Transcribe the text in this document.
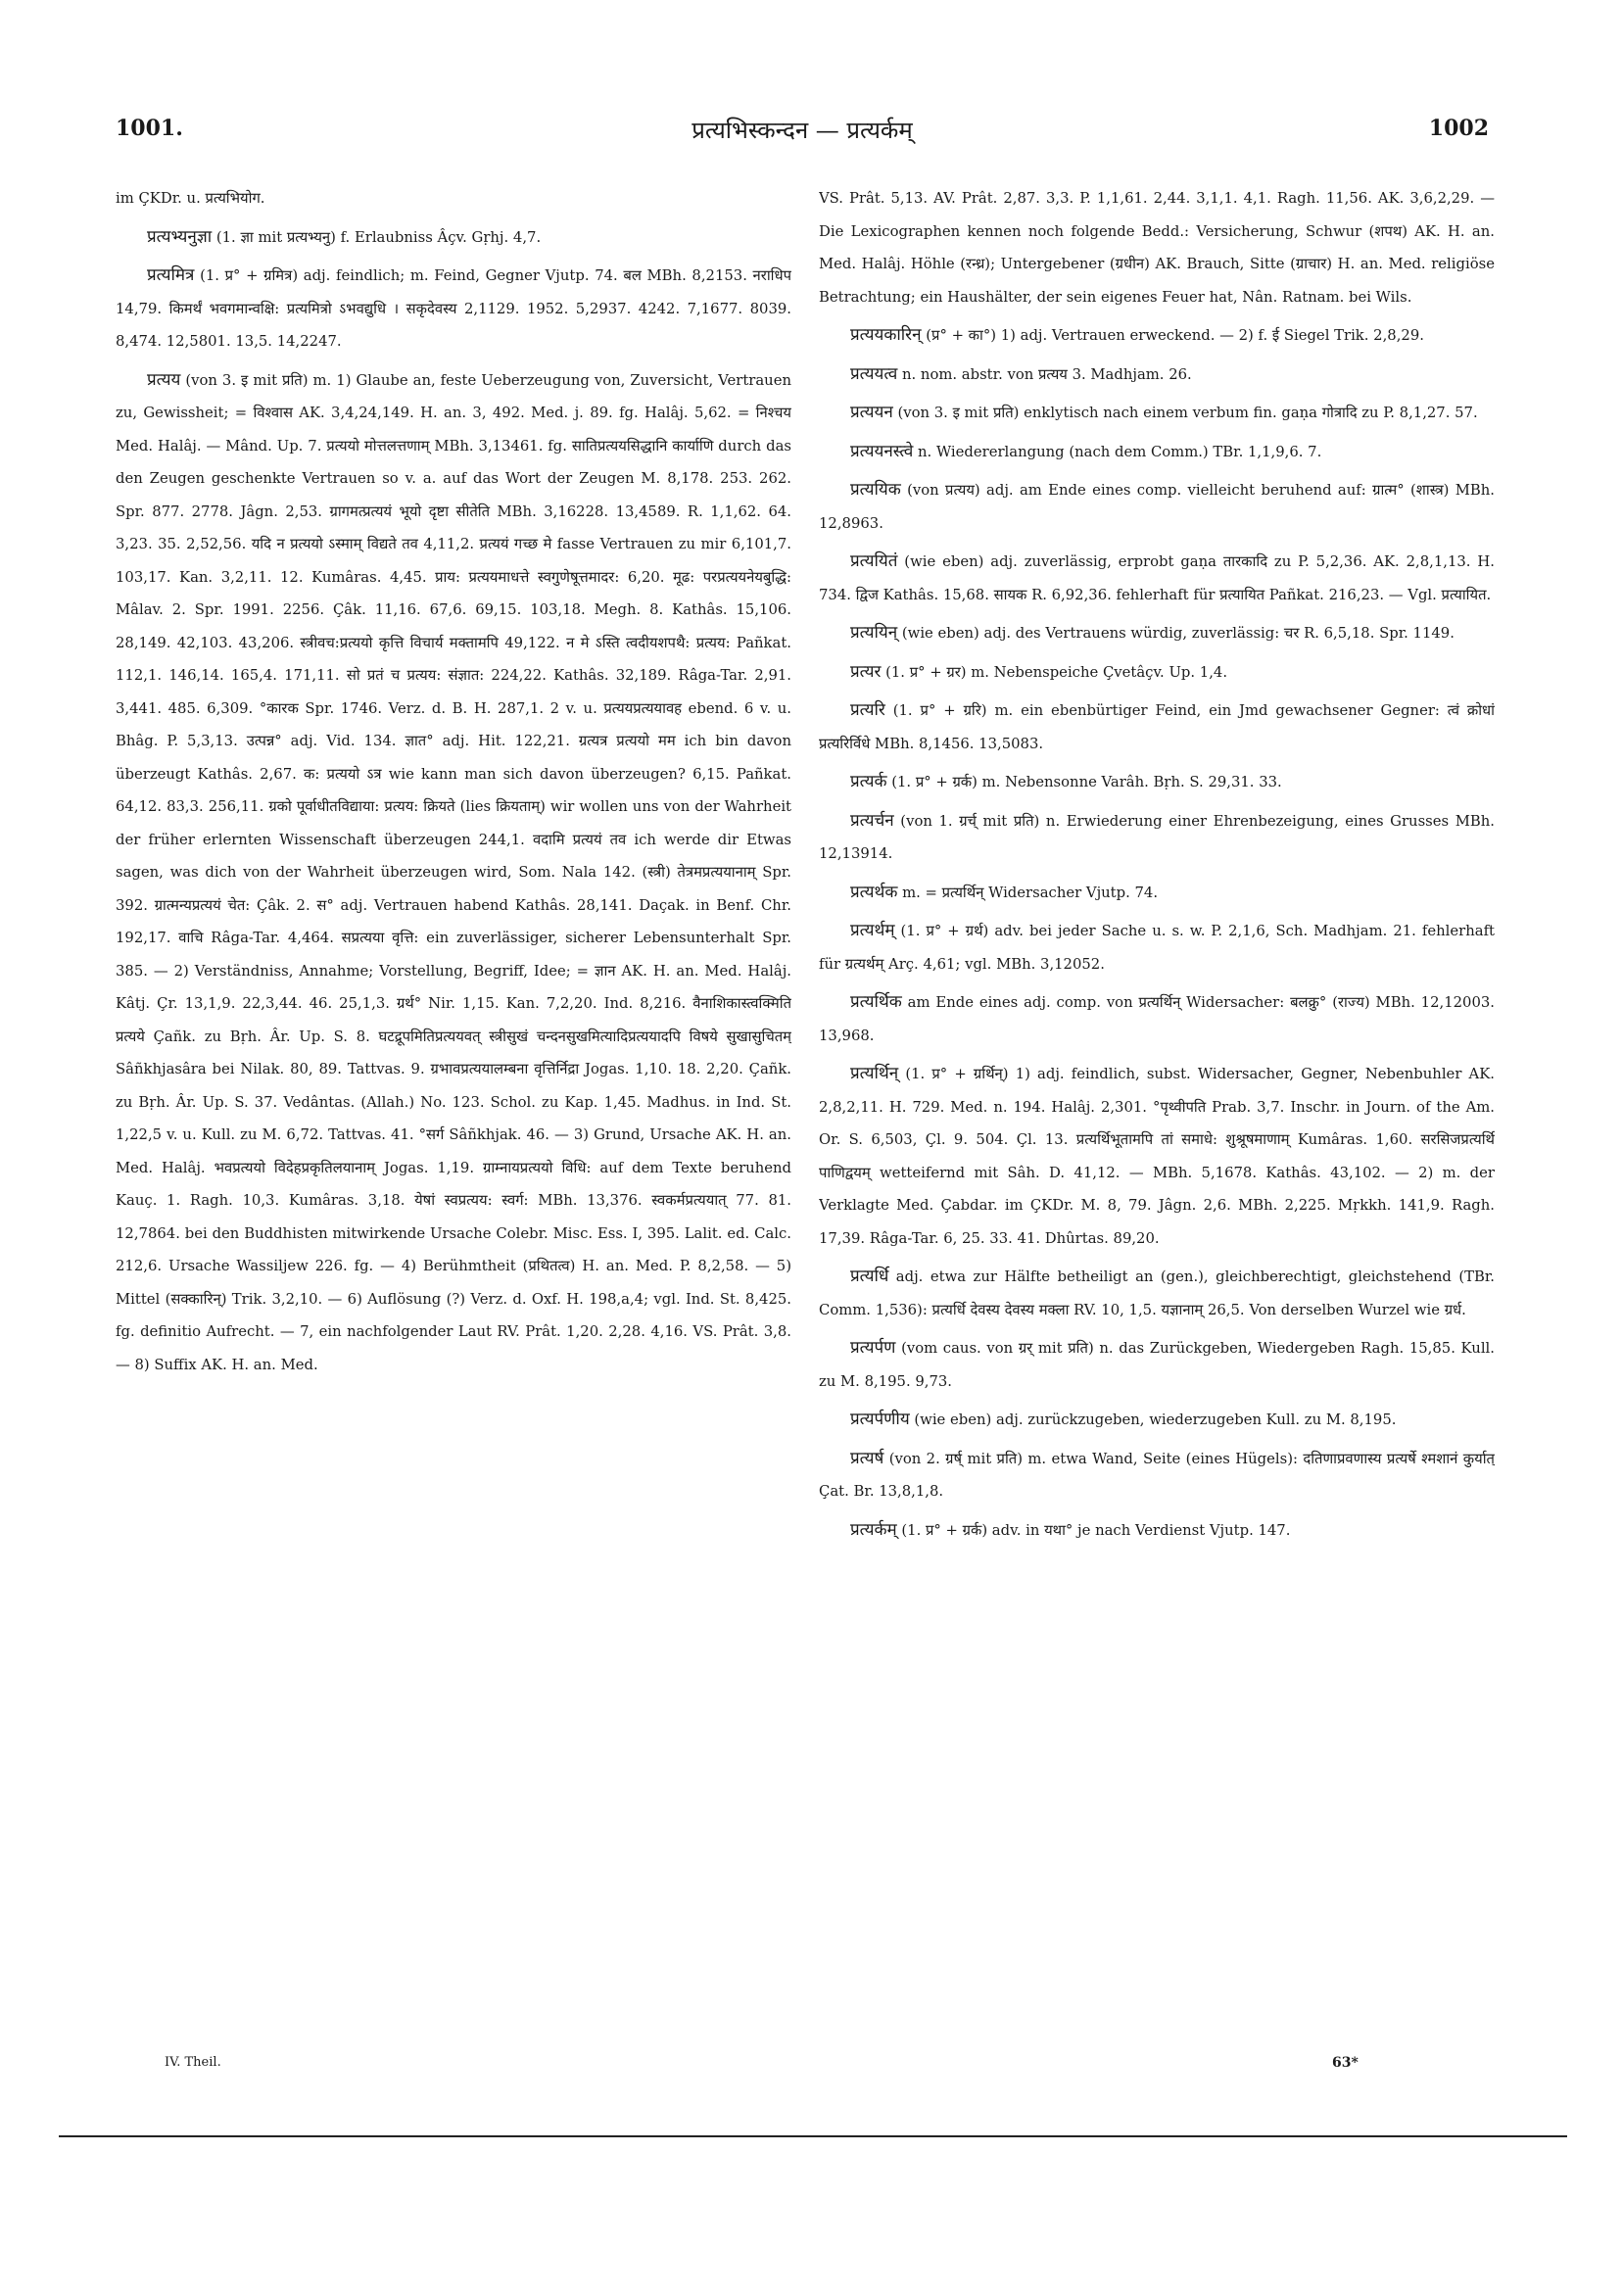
1001.	प्रत्यभिस्कन्दन — प्रत्यर्कम्	1002

im ÇKDr. u. प्रत्यभियोग.

प्रत्यभ्यनुज्ञा (1. ज्ञा mit प्रत्यभ्यनु) f. Erlaubniss Âçv. Gṛhj. 4,7.

प्रत्यमित्र (1. प्र° + ग्रमित्र) adj. feindlich; m. Feind, Gegner Vjutp. 74. बल MBh. 8,2153. नराधिप 14,79. किमर्थं भवगमान्वक्षि: प्रत्यमित्रो ऽभवद्युधि । सकृदेवस्य 2,1129. 1952. 5,2937. 4242. 7,1677. 8039. 8,474. 12,5801. 13,5. 14,2247.

प्रत्यय (von 3. इ mit प्रति) m. 1) Glaube an, feste Ueberzeugung von, Zuversicht, Vertrauen zu, Gewissheit; = विश्वास AK. 3,4,24,149. H. an. 3, 492. Med. j. 89. fg. Halâj. 5,62. = निश्चय Med. Halâj. — Mând. Up. 7. प्रत्ययो मोत्तलत्तणाम् MBh. 3,13461. fg. सातिप्रत्ययसिद्धानि कार्याणि durch das den Zeugen geschenkte Vertrauen so v. a. auf das Wort der Zeugen M. 8,178. 253. 262. Spr. 877. 2778. Jâgn. 2,53. ग्रागमत्प्रत्ययं भूयो दृष्टा सीतेति MBh. 3,16228. 13,4589. R. 1,1,62. 64. 3,23. 35. 2,52,56. यदि न प्रत्ययो ऽस्माम् विद्यते तव 4,11,2. प्रत्ययं गच्छ मे fasse Vertrauen zu mir 6,101,7. 103,17. Kan. 3,2,11. 12. Kumâras. 4,45. प्राय: प्रत्ययमाधत्ते स्वगुणेषूत्तमादर: 6,20. मूढ: परप्रत्ययनेयबुद्धि: Mâlav. 2. Spr. 1991. 2256. Çâk. 11,16. 67,6. 69,15. 103,18. Megh. 8. Kathâs. 15,106. 28,149. 42,103. 43,206. स्त्रीवच:प्रत्ययो कृत्ति विचार्य मक्तामपि 49,122. न मे ऽस्ति त्वदीयशपथै: प्रत्यय: Pañkat. 112,1. 146,14. 165,4. 171,11. सो प्रतं च प्रत्यय: संज्ञात: 224,22. Kathâs. 32,189. Râga-Tar. 2,91. 3,441. 485. 6,309. °कारक Spr. 1746. Verz. d. B. H. 287,1. 2 v. u. प्रत्ययप्रत्ययावह ebend. 6 v. u. Bhâg. P. 5,3,13. उत्पन्न° adj. Vid. 134. ज्ञात° adj. Hit. 122,21. ग्रत्यत्र प्रत्ययो मम ich bin davon überzeugt Kathâs. 2,67. क: प्रत्ययो ऽत्र wie kann man sich davon überzeugen? 6,15. Pañkat. 64,12. 83,3. 256,11. ग्रको पूर्वाधीतविद्याया: प्रत्यय: क्रियते (lies क्रियताम्) wir wollen uns von der Wahrheit der früher erlernten Wissenschaft überzeugen 244,1. वदामि प्रत्ययं तव ich werde dir Etwas sagen, was dich von der Wahrheit überzeugen wird, Som. Nala 142. (स्त्री) तेत्रमप्रत्ययानाम् Spr. 392. ग्रात्मन्यप्रत्ययं चेत: Çâk. 2. स° adj. Vertrauen habend Kathâs. 28,141. Daçak. in Benf. Chr. 192,17. वाचि Râga-Tar. 4,464. सप्रत्यया वृत्ति: ein zuverlässiger, sicherer Lebensunterhalt Spr. 385. — 2) Verständniss, Annahme; Vorstellung, Begriff, Idee; = ज्ञान AK. H. an. Med. Halâj. Kâtj. Çr. 13,1,9. 22,3,44. 46. 25,1,3. ग्रर्थ° Nir. 1,15. Kan. 7,2,20. Ind. 8,216. वैनाशिकास्त्वक्मिति प्रत्यये Çañk. zu Bṛh. Âr. Up. S. 8. घटद्रूपमितिप्रत्ययवत् स्त्रीसुखं चन्दनसुखमित्यादिप्रत्ययादपि विषये सुखासुचितम् Sâñkhjasâra bei Nilak. 80, 89. Tattvas. 9. ग्रभावप्रत्ययालम्बना वृत्तिर्निद्रा Jogas. 1,10. 18. 2,20. Çañk. zu Bṛh. Âr. Up. S. 37. Vedântas. (Allah.) No. 123. Schol. zu Kap. 1,45. Madhus. in Ind. St. 1,22,5 v. u. Kull. zu M. 6,72. Tattvas. 41. °सर्ग Sâñkhjak. 46. — 3) Grund, Ursache AK. H. an. Med. Halâj. भवप्रत्ययो विदेहप्रकृतिलयानाम् Jogas. 1,19. ग्राम्नायप्रत्ययो विधि: auf dem Texte beruhend Kauç. 1. Ragh. 10,3. Kumâras. 3,18. येषां स्वप्रत्यय: स्वर्ग: MBh. 13,376. स्वकर्मप्रत्ययात् 77. 81. 12,7864. bei den Buddhisten mitwirkende Ursache Colebr. Misc. Ess. I, 395. Lalit. ed. Calc. 212,6. Ursache Wassiljew 226. fg. — 4) Berühmtheit (प्रथितत्व) H. an. Med. P. 8,2,58. — 5) Mittel (सक्कारिन्) Trik. 3,2,10. — 6) Auflösung (?) Verz. d. Oxf. H. 198,a,4; vgl. Ind. St. 8,425. fg. definitio Aufrecht. — 7, ein nachfolgender Laut RV. Prât. 1,20. 2,28. 4,16. VS. Prât. 3,8. — 8) Suffix AK. H. an. Med.

VS. Prât. 5,13. AV. Prât. 2,87. 3,3. P. 1,1,61. 2,44. 3,1,1. 4,1. Ragh. 11,56. AK. 3,6,2,29. — Die Lexicographen kennen noch folgende Bedd.: Versicherung, Schwur (शपथ) AK. H. an. Med. Halâj. Höhle (रन्ध्र); Untergebener (ग्रधीन) AK. Brauch, Sitte (ग्राचार) H. an. Med. religiöse Betrachtung; ein Haushälter, der sein eigenes Feuer hat, Nân. Ratnam. bei Wils.

प्रत्ययकारिन् (प्र° + का°) 1) adj. Vertrauen erweckend. — 2) f. ई Siegel Trik. 2,8,29.

प्रत्ययत्व n. nom. abstr. von प्रत्यय 3. Madhjam. 26.

प्रत्ययन (von 3. इ mit प्रति) enklytisch nach einem verbum fin. gaṇa गोत्रादि zu P. 8,1,27. 57.

प्रत्ययनस्त्वे n. Wiedererlangung (nach dem Comm.) TBr. 1,1,9,6. 7.

प्रत्ययिक (von प्रत्यय) adj. am Ende eines comp. vielleicht beruhend auf: ग्रात्म° (शास्त्र) MBh. 12,8963.

प्रत्ययितं (wie eben) adj. zuverlässig, erprobt gaṇa तारकादि zu P. 5,2,36. AK. 2,8,1,13. H. 734. द्विज Kathâs. 15,68. सायक R. 6,92,36. fehlerhaft für प्रत्यायित Pañkat. 216,23. — Vgl. प्रत्यायित.

प्रत्ययिन् (wie eben) adj. des Vertrauens würdig, zuverlässig: चर R. 6,5,18. Spr. 1149.

प्रत्यर (1. प्र° + ग्रर) m. Nebenspeiche Çvetâçv. Up. 1,4.

प्रत्यरि (1. प्र° + ग्ररि) m. ein ebenbürtiger Feind, ein Jmd gewachsener Gegner: त्वं क्रोधां प्रत्यरिर्विधे MBh. 8,1456. 13,5083.

प्रत्यर्क (1. प्र° + ग्रर्क) m. Nebensonne Varâh. Bṛh. S. 29,31. 33.

प्रत्यर्चन (von 1. ग्रर्च् mit प्रति) n. Erwiederung einer Ehrenbezeigung, eines Grusses MBh. 12,13914.

प्रत्यर्थक m. = प्रत्यर्थिन् Widersacher Vjutp. 74.

प्रत्यर्थम् (1. प्र° + ग्रर्थ) adv. bei jeder Sache u. s. w. P. 2,1,6, Sch. Madhjam. 21. fehlerhaft für ग्रत्यर्थम् Arç. 4,61; vgl. MBh. 3,12052.

प्रत्यर्थिक am Ende eines adj. comp. von प्रत्यर्थिन् Widersacher: बलक्रु° (राज्य) MBh. 12,12003. 13,968.

प्रत्यर्थिन् (1. प्र° + ग्रर्थिन्) 1) adj. feindlich, subst. Widersacher, Gegner, Nebenbuhler AK. 2,8,2,11. H. 729. Med. n. 194. Halâj. 2,301. °पृथ्वीपति Prab. 3,7. Inschr. in Journ. of the Am. Or. S. 6,503, Çl. 9. 504. Çl. 13. प्रत्यर्थिभूतामपि तां समाधे: शुश्रूषमाणाम् Kumâras. 1,60. सरसिजप्रत्यर्थि पाणिद्वयम् wetteifernd mit Sâh. D. 41,12. — MBh. 5,1678. Kathâs. 43,102. — 2) m. der Verklagte Med. Çabdar. im ÇKDr. M. 8, 79. Jâgn. 2,6. MBh. 2,225. Mṛkkh. 141,9. Ragh. 17,39. Râga-Tar. 6, 25. 33. 41. Dhûrtas. 89,20.

प्रत्यर्धि adj. etwa zur Hälfte betheiligt an (gen.), gleichberechtigt, gleichstehend (TBr. Comm. 1,536): प्रत्यर्धि देवस्य देवस्य मक्ला RV. 10, 1,5. यज्ञानाम् 26,5. Von derselben Wurzel wie ग्रर्ध.

प्रत्यर्पण (vom caus. von ग्रर् mit प्रति) n. das Zurückgeben, Wiedergeben Ragh. 15,85. Kull. zu M. 8,195. 9,73.

प्रत्यर्पणीय (wie eben) adj. zurückzugeben, wiederzugeben Kull. zu M. 8,195.

प्रत्यर्ष (von 2. ग्रर्ष् mit प्रति) m. etwa Wand, Seite (eines Hügels): दतिणाप्रवणास्य प्रत्यर्षे श्मशानं कुर्यात् Çat. Br. 13,8,1,8.

प्रत्यर्कम् (1. प्र° + ग्रर्क) adv. in यथा° je nach Verdienst Vjutp. 147.

IV. Theil.	63*
